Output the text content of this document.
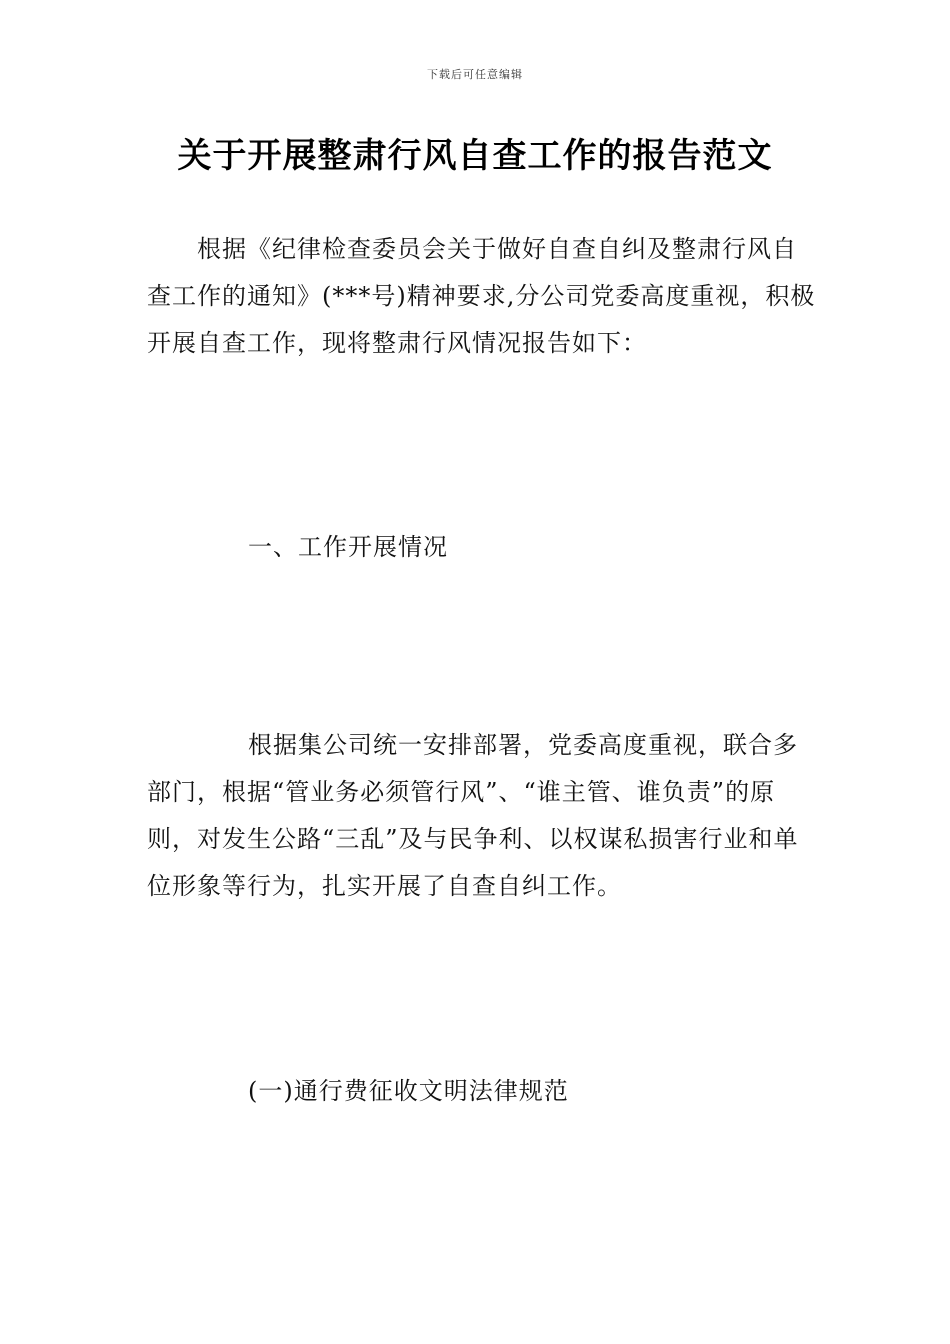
下载后可任意编辑
关于开展整肃行风自查工作的报告范文

根据《纪律检查委员会关于做好自查自纠及整肃行风自查工作的通知》(***号)精神要求,分公司党委高度重视，积极开展自查工作，现将整肃行风情况报告如下：

一、工作开展情况

根据集公司统一安排部署，党委高度重视，联合多部门，根据“管业务必须管行风”、“谁主管、谁负责”的原则，对发生公路“三乱”及与民争利、以权谋私损害行业和单位形象等行为，扎实开展了自查自纠工作。

(一)通行费征收文明法律规范
